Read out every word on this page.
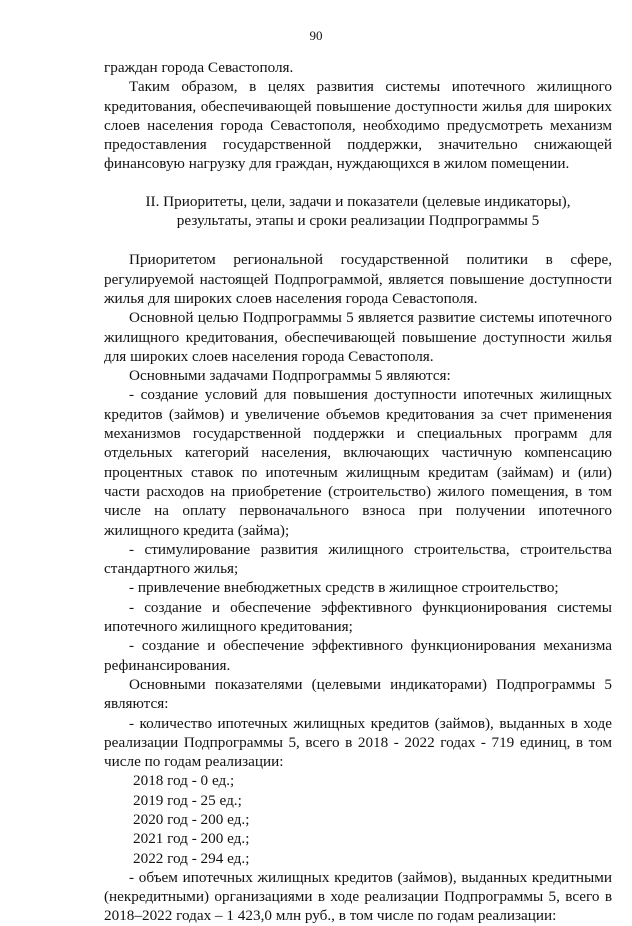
90

граждан города Севастополя.

Таким образом, в целях развития системы ипотечного жилищного кредитования, обеспечивающей повышение доступности жилья для широких слоев населения города Севастополя, необходимо предусмотреть механизм предоставления государственной поддержки, значительно снижающей финансовую нагрузку для граждан, нуждающихся в жилом помещении.

II. Приоритеты, цели, задачи и показатели (целевые индикаторы),
результаты, этапы и сроки реализации Подпрограммы 5

Приоритетом региональной государственной политики в сфере, регулируемой настоящей Подпрограммой, является повышение доступности жилья для широких слоев населения города Севастополя.

Основной целью Подпрограммы 5 является развитие системы ипотечного жилищного кредитования, обеспечивающей повышение доступности жилья для широких слоев населения города Севастополя.

Основными задачами Подпрограммы 5 являются:

- создание условий для повышения доступности ипотечных жилищных кредитов (займов) и увеличение объемов кредитования за счет применения механизмов государственной поддержки и специальных программ для отдельных категорий населения, включающих частичную компенсацию процентных ставок по ипотечным жилищным кредитам (займам) и (или) части расходов на приобретение (строительство) жилого помещения, в том числе на оплату первоначального взноса при получении ипотечного жилищного кредита (займа);

- стимулирование развития жилищного строительства, строительства стандартного жилья;

- привлечение внебюджетных средств в жилищное строительство;

- создание и обеспечение эффективного функционирования системы ипотечного жилищного кредитования;

- создание и обеспечение эффективного функционирования механизма рефинансирования.

Основными показателями (целевыми индикаторами) Подпрограммы 5 являются:

- количество ипотечных жилищных кредитов (займов), выданных в ходе реализации Подпрограммы 5, всего в 2018 - 2022 годах - 719 единиц, в том числе по годам реализации:

2018 год - 0 ед.;

2019 год - 25 ед.;

2020 год - 200 ед.;

2021 год - 200 ед.;

2022 год - 294 ед.;

- объем ипотечных жилищных кредитов (займов), выданных кредитными (некредитными) организациями в ходе реализации Подпрограммы 5, всего в 2018–2022 годах – 1 423,0 млн руб., в том числе по годам реализации:
